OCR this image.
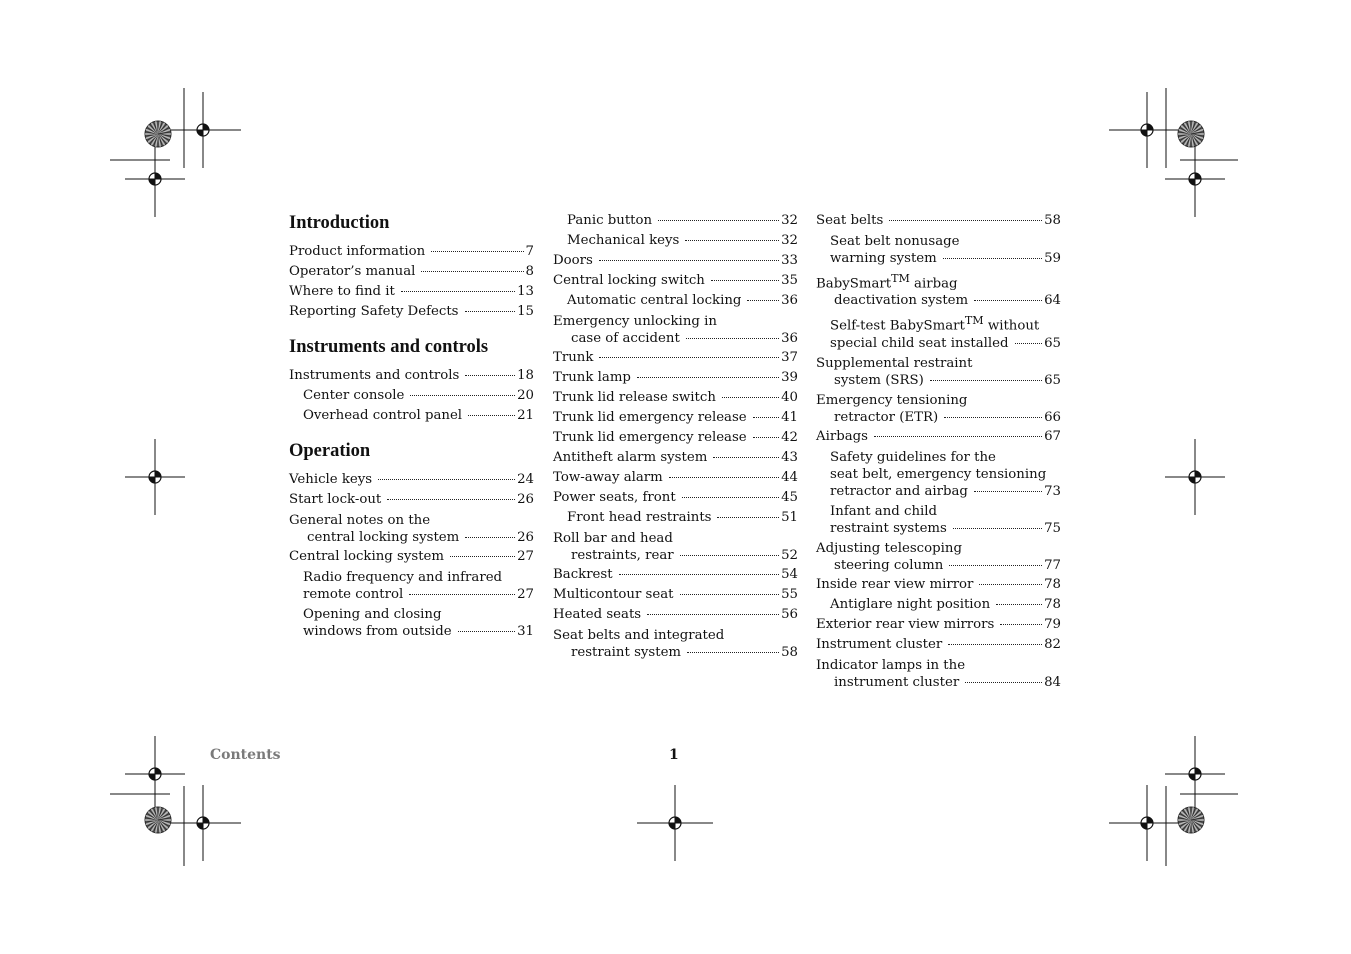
Introduction
Product information	7
Operator’s manual	8
Where to find it	13
Reporting Safety Defects	15
Instruments and controls
Instruments and controls	18
Center console	20
Overhead control panel	21
Operation
Vehicle keys	24
Start lock-out	26
General notes on the
central locking system	26
Central locking system	27
Radio frequency and infrared
remote control	27
Opening and closing
windows from outside	31
Panic button	32
Mechanical keys	32
Doors	33
Central locking switch	35
Automatic central locking	36
Emergency unlocking in
case of accident	36
Trunk	37
Trunk lamp	39
Trunk lid release switch	40
Trunk lid emergency release	41
Trunk lid emergency release	42
Antitheft alarm system	43
Tow-away alarm	44
Power seats, front	45
Front head restraints	51
Roll bar and head
restraints, rear	52
Backrest	54
Multicontour seat	55
Heated seats	56
Seat belts and integrated
restraint system	58
Seat belts	58
Seat belt nonusage
warning system	59
BabySmart™ airbag
deactivation system	64
Self-test BabySmart™ without
special child seat installed	65
Supplemental restraint
system (SRS)	65
Emergency tensioning
retractor (ETR)	66
Airbags	67
Safety guidelines for the
seat belt, emergency tensioning
retractor and airbag	73
Infant and child
restraint systems	75
Adjusting telescoping
steering column	77
Inside rear view mirror	78
Antiglare night position	78
Exterior rear view mirrors	79
Instrument cluster	82
Indicator lamps in the
instrument cluster	84
Contents	1
